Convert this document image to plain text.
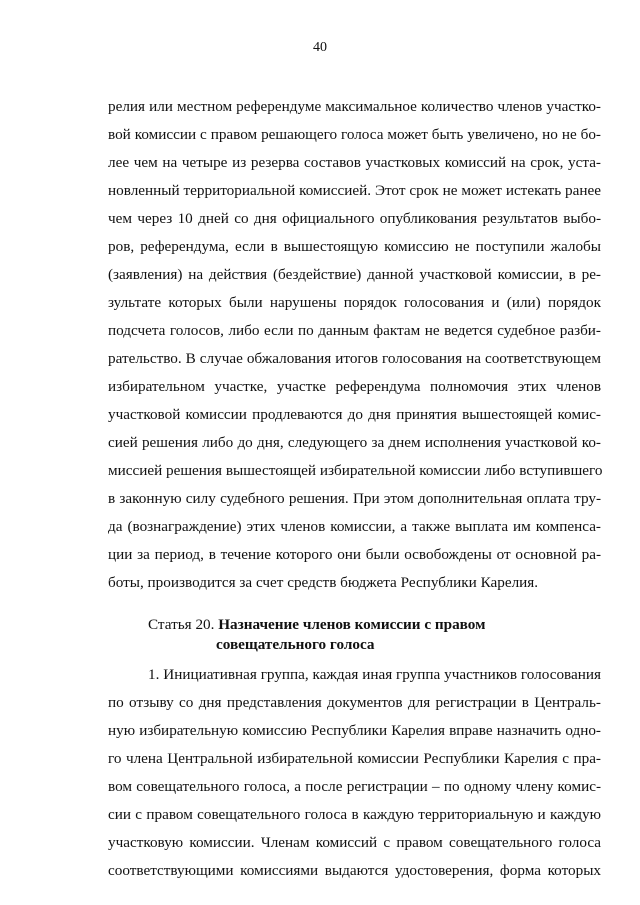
40
релия или местном референдуме максимальное количество членов участко-
вой комиссии с правом решающего голоса может быть увеличено, но не бо-
лее чем на четыре из резерва составов участковых комиссий на срок, уста-
новленный территориальной комиссией. Этот срок не может истекать ранее
чем через 10 дней со дня официального опубликования результатов выбо-
ров, референдума, если в вышестоящую комиссию не поступили жалобы
(заявления) на действия (бездействие) данной участковой комиссии, в ре-
зультате которых были нарушены порядок голосования и (или) порядок
подсчета голосов, либо если по данным фактам не ведется судебное разби-
рательство. В случае обжалования итогов голосования на соответствующем
избирательном участке, участке референдума полномочия этих членов
участковой комиссии продлеваются до дня принятия вышестоящей комис-
сией решения либо до дня, следующего за днем исполнения участковой ко-
миссией решения вышестоящей избирательной комиссии либо вступившего
в законную силу судебного решения. При этом дополнительная оплата тру-
да (вознаграждение) этих членов комиссии, а также выплата им компенса-
ции за период, в течение которого они были освобождены от основной ра-
боты, производится за счет средств бюджета Республики Карелия.
Статья 20. Назначение членов комиссии с правом
совещательного голоса
1. Инициативная группа, каждая иная группа участников голосования
по отзыву со дня представления документов для регистрации в Централь-
ную избирательную комиссию Республики Карелия вправе назначить одно-
го члена Центральной избирательной комиссии Республики Карелия с пра-
вом совещательного голоса, а после регистрации – по одному члену комис-
сии с правом совещательного голоса в каждую территориальную и каждую
участковую комиссии. Членам комиссий с правом совещательного голоса
соответствующими комиссиями выдаются удостоверения, форма которых
